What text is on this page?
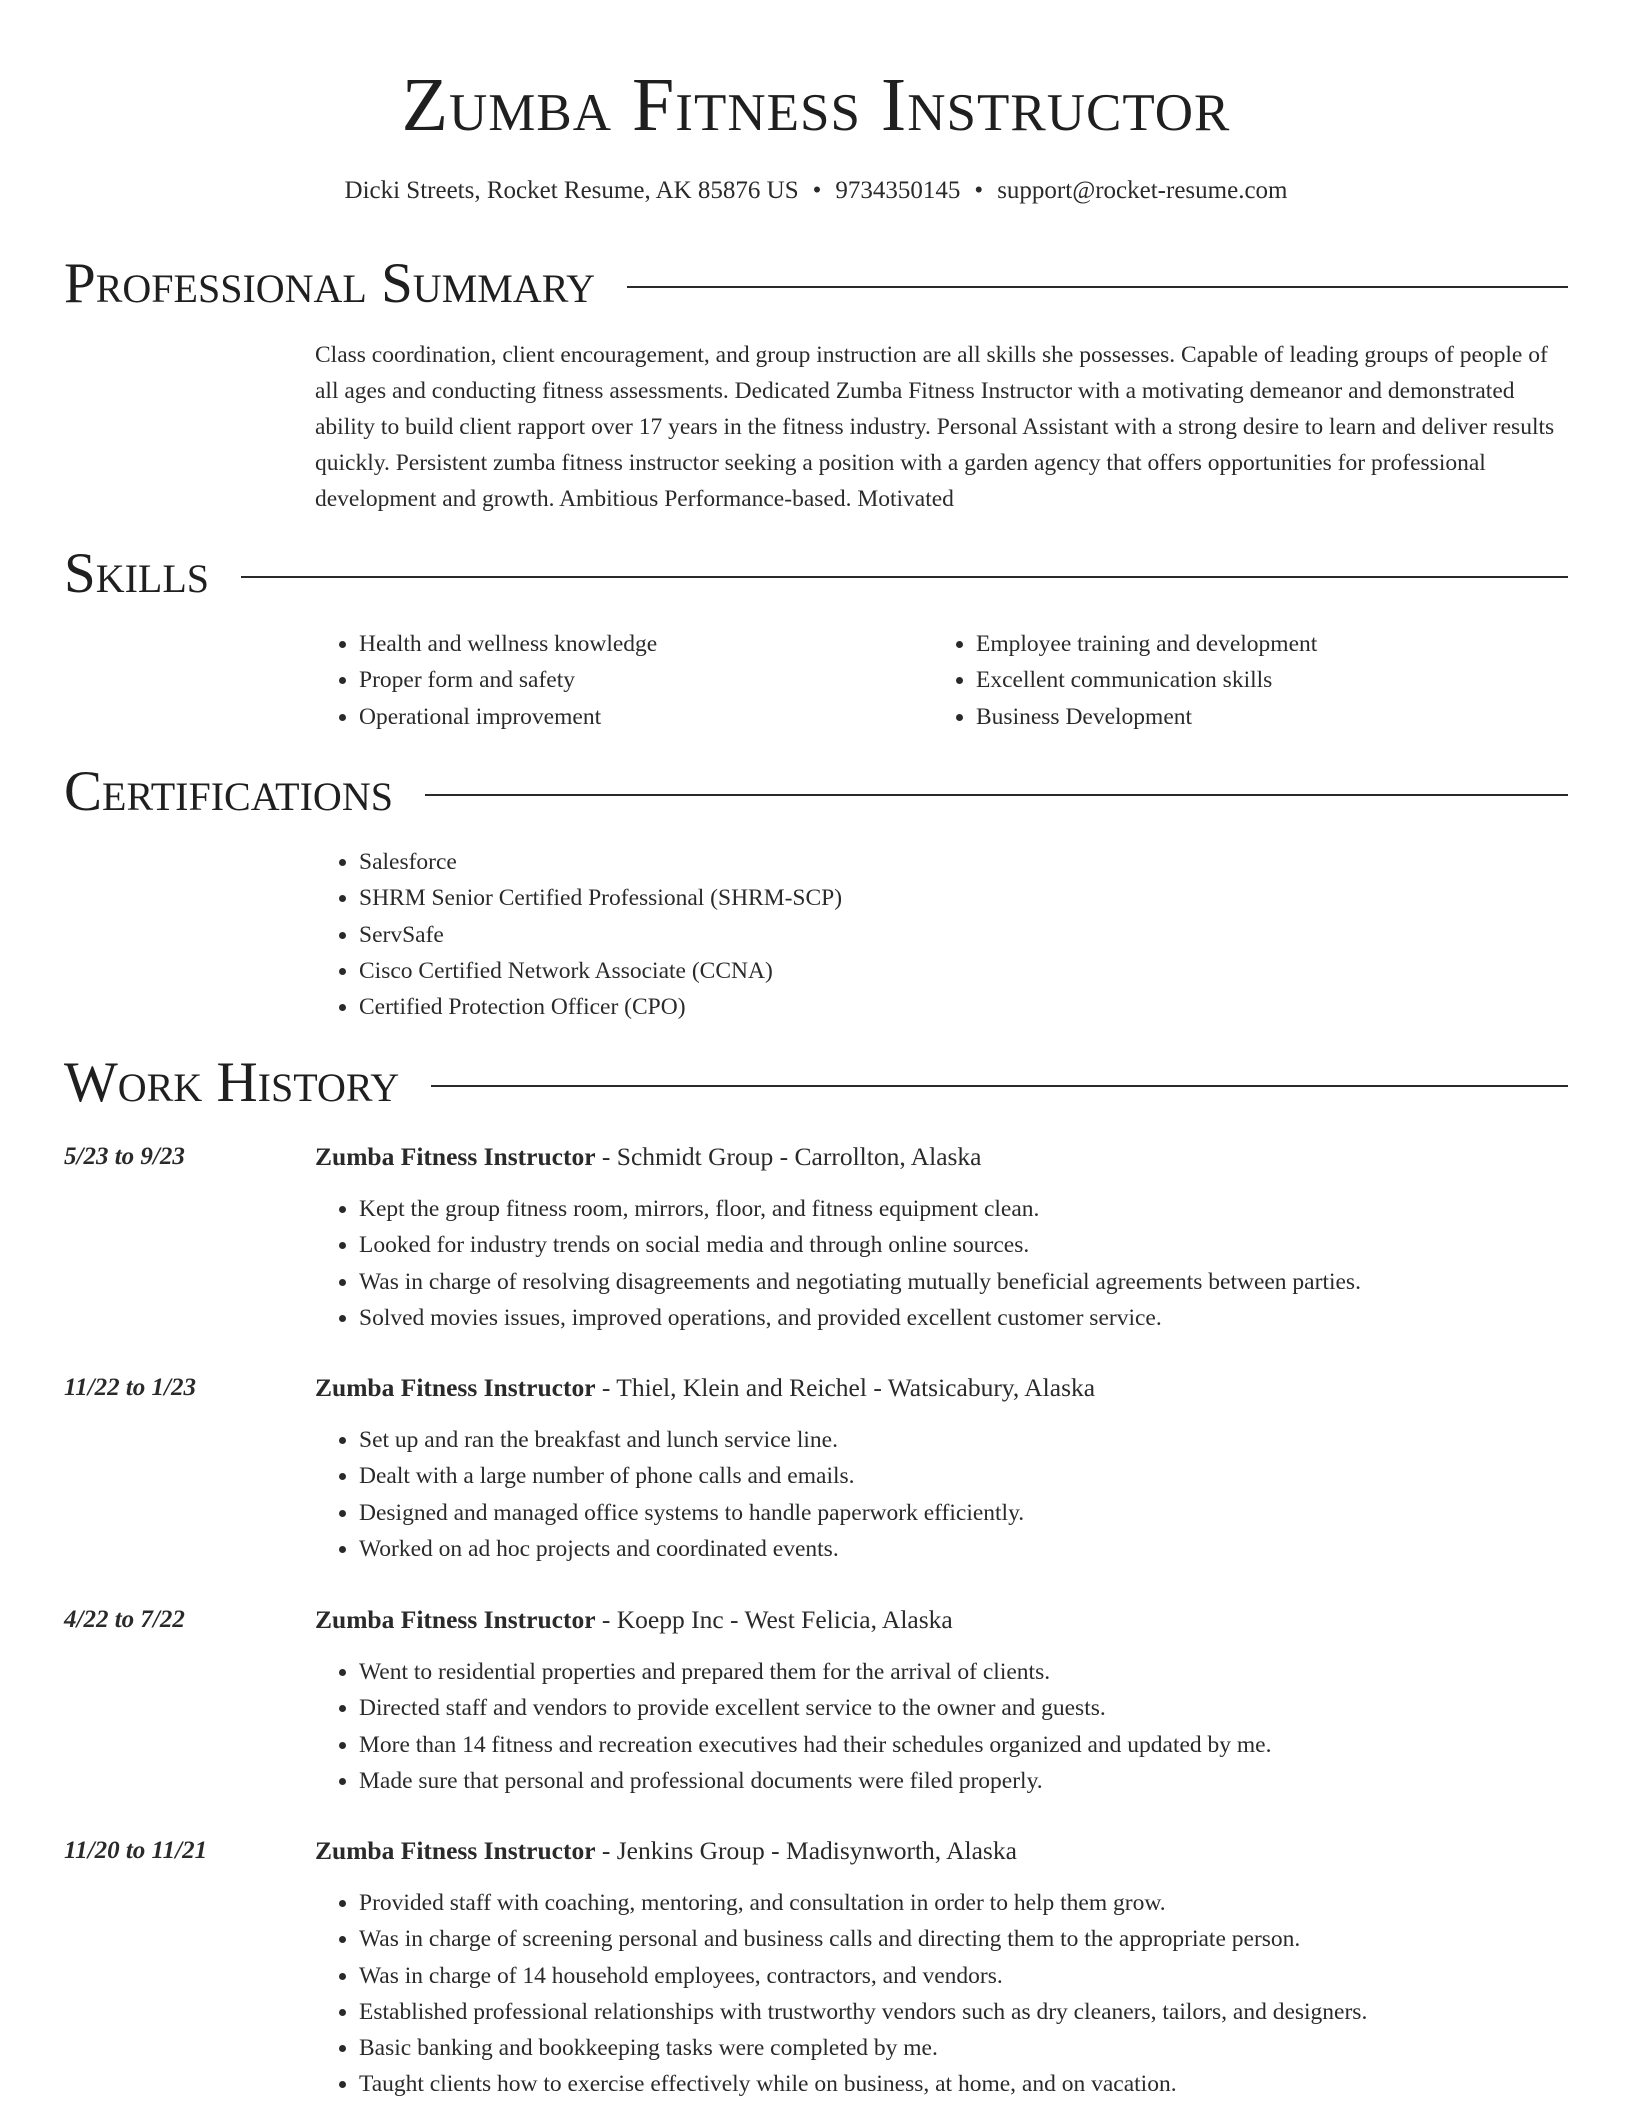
Zumba Fitness Instructor
Dicki Streets, Rocket Resume, AK 85876 US • 9734350145 • support@rocket-resume.com
Professional Summary

Class coordination, client encouragement, and group instruction are all skills she possesses. Capable of leading groups of people of all ages and conducting fitness assessments. Dedicated Zumba Fitness Instructor with a motivating demeanor and demonstrated ability to build client rapport over 17 years in the fitness industry. Personal Assistant with a strong desire to learn and deliver results quickly. Persistent zumba fitness instructor seeking a position with a garden agency that offers opportunities for professional development and growth. Ambitious Performance-based. Motivated

Skills
• Health and wellness knowledge
• Proper form and safety
• Operational improvement
• Employee training and development
• Excellent communication skills
• Business Development
Certifications
• Salesforce
• SHRM Senior Certified Professional (SHRM-SCP)
• ServSafe
• Cisco Certified Network Associate (CCNA)
• Certified Protection Officer (CPO)
Work History
5/23 to 9/23	Zumba Fitness Instructor - Schmidt Group - Carrollton, Alaska
• Kept the group fitness room, mirrors, floor, and fitness equipment clean.
• Looked for industry trends on social media and through online sources.
• Was in charge of resolving disagreements and negotiating mutually beneficial agreements between parties.
• Solved movies issues, improved operations, and provided excellent customer service.
11/22 to 1/23	Zumba Fitness Instructor - Thiel, Klein and Reichel - Watsicabury, Alaska
• Set up and ran the breakfast and lunch service line.
• Dealt with a large number of phone calls and emails.
• Designed and managed office systems to handle paperwork efficiently.
• Worked on ad hoc projects and coordinated events.
4/22 to 7/22	Zumba Fitness Instructor - Koepp Inc - West Felicia, Alaska
• Went to residential properties and prepared them for the arrival of clients.
• Directed staff and vendors to provide excellent service to the owner and guests.
• More than 14 fitness and recreation executives had their schedules organized and updated by me.
• Made sure that personal and professional documents were filed properly.
11/20 to 11/21	Zumba Fitness Instructor - Jenkins Group - Madisynworth, Alaska
• Provided staff with coaching, mentoring, and consultation in order to help them grow.
• Was in charge of screening personal and business calls and directing them to the appropriate person.
• Was in charge of 14 household employees, contractors, and vendors.
• Established professional relationships with trustworthy vendors such as dry cleaners, tailors, and designers.
• Basic banking and bookkeeping tasks were completed by me.
• Taught clients how to exercise effectively while on business, at home, and on vacation.
